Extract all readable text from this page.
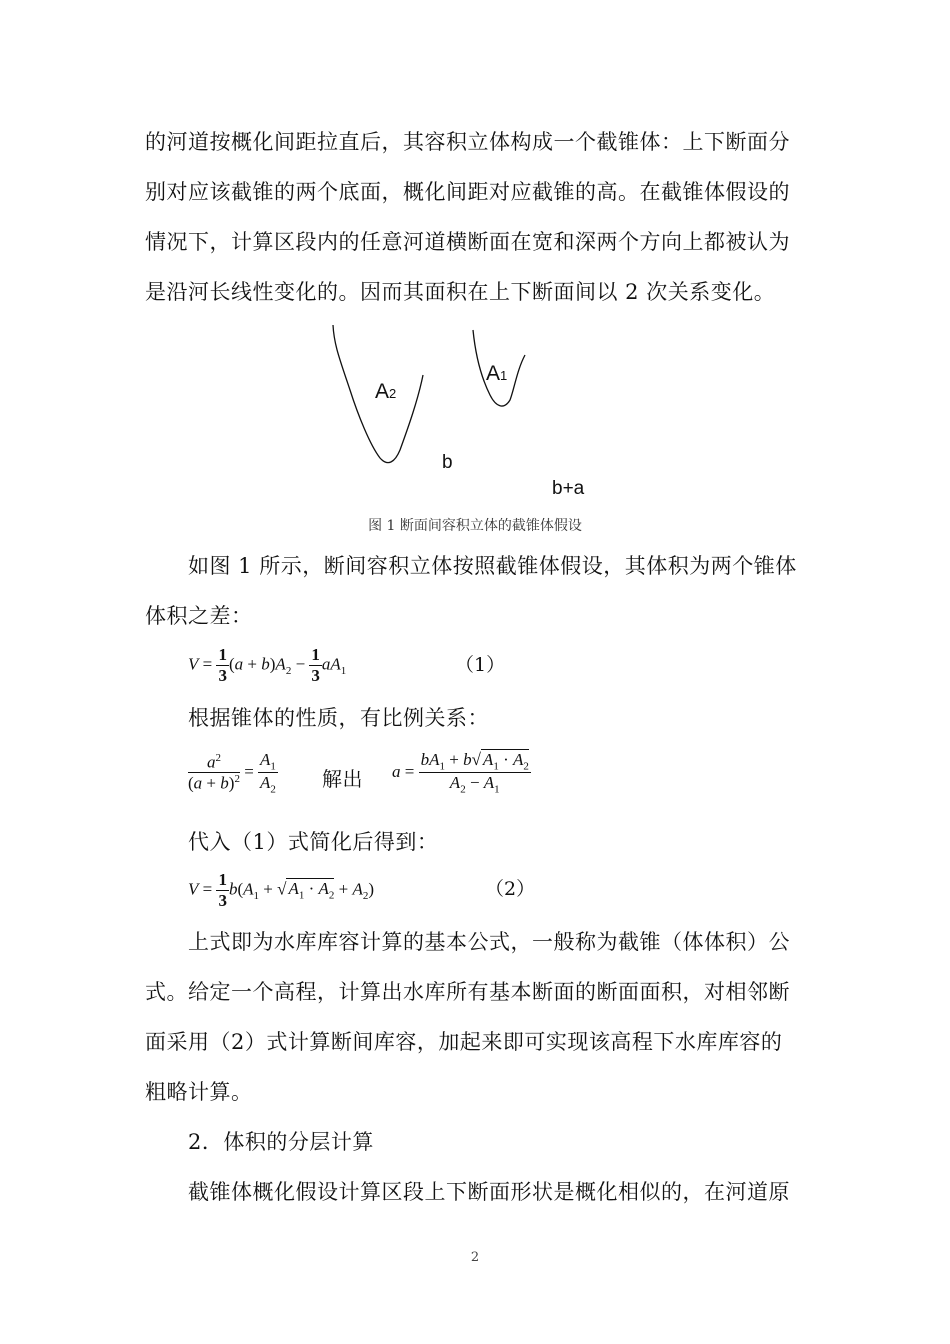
的河道按概化间距拉直后，其容积立体构成一个截锥体：上下断面分
别对应该截锥的两个底面，概化间距对应截锥的高。在截锥体假设的
情况下，计算区段内的任意河道横断面在宽和深两个方向上都被认为
是沿河长线性变化的。因而其面积在上下断面间以 2 次关系变化。
A2
A1
b
b+a
图 1 断面间容积立体的截锥体假设
如图 1 所示，断间容积立体按照截锥体假设，其体积为两个锥体
体积之差：
$V = \frac{1}{3} (a + b)A_2 - \frac{1}{3} aA_1$	（1）
根据锥体的性质，有比例关系：
$\frac{a^2}{(a + b)^2} = \frac{A_1}{A_2}$ 解出 $a = \frac{bA_1 + b√ A_1 \cdot A_2}{A_2 - A_1}$
代入（1）式简化后得到：
$V = \frac{1}{3} b(A_1$ + √ $A_1 \cdot A_2 + A_2$)	（2）
上式即为水库库容计算的基本公式，一般称为截锥（体体积）公
式。给定一个高程，计算出水库所有基本断面的断面面积，对相邻断
面采用（2）式计算断间库容，加起来即可实现该高程下水库库容的
粗略计算。
2．体积的分层计算
截锥体概化假设计算区段上下断面形状是概化相似的，在河道原
2
